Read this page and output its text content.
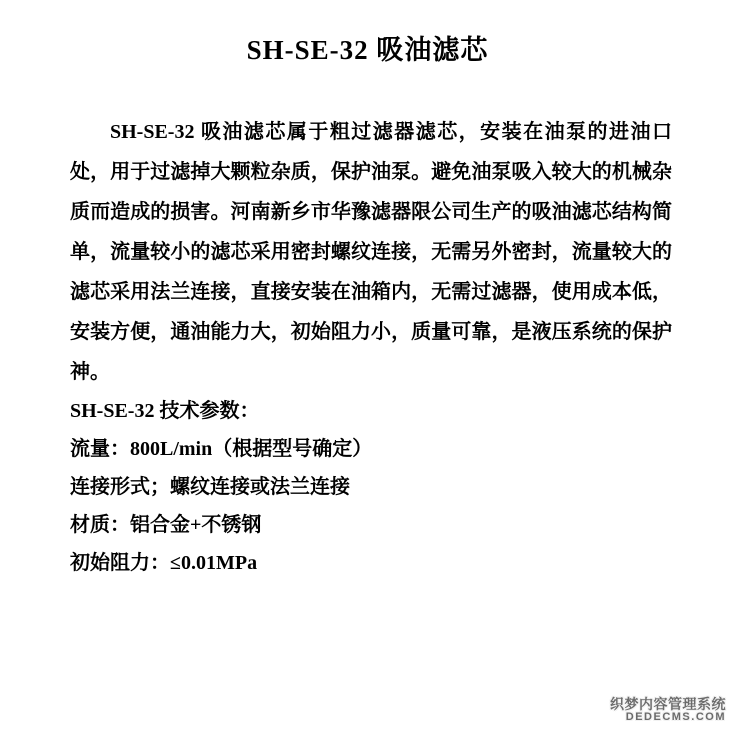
SH-SE-32 吸油滤芯

SH-SE-32 吸油滤芯属于粗过滤器滤芯，安装在油泵的进油口处，用于过滤掉大颗粒杂质，保护油泵。避免油泵吸入较大的机械杂质而造成的损害。河南新乡市华豫滤器限公司生产的吸油滤芯结构简单，流量较小的滤芯采用密封螺纹连接，无需另外密封，流量较大的滤芯采用法兰连接，直接安装在油箱内，无需过滤器，使用成本低，安装方便，通油能力大，初始阻力小，质量可靠，是液压系统的保护神。

SH-SE-32 技术参数：
流量：800L/min（根据型号确定）
连接形式；螺纹连接或法兰连接
材质：铝合金+不锈钢
初始阻力：≤0.01MPa
织梦内容管理系统
DEDECMS.COM
